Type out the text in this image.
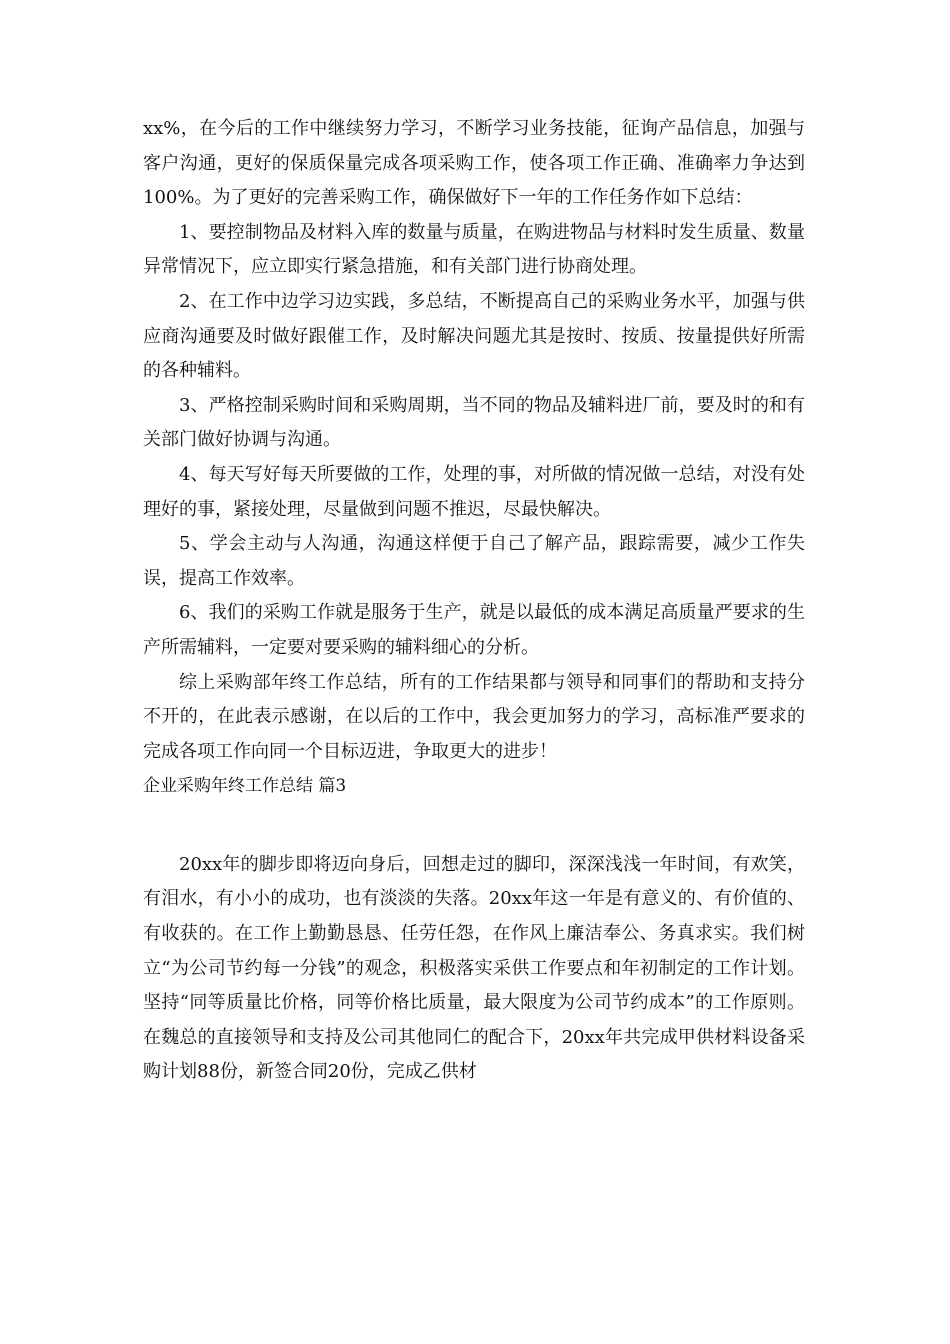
xx%，在今后的工作中继续努力学习，不断学习业务技能，征询产品信息，加强与客户沟通，更好的保质保量完成各项采购工作，使各项工作正确、准确率力争达到100%。为了更好的完善采购工作，确保做好下一年的工作任务作如下总结：

1、要控制物品及材料入库的数量与质量，在购进物品与材料时发生质量、数量异常情况下，应立即实行紧急措施，和有关部门进行协商处理。

2、在工作中边学习边实践，多总结，不断提高自己的采购业务水平，加强与供应商沟通要及时做好跟催工作，及时解决问题尤其是按时、按质、按量提供好所需的各种辅料。

3、严格控制采购时间和采购周期，当不同的物品及辅料进厂前，要及时的和有关部门做好协调与沟通。

4、每天写好每天所要做的工作，处理的事，对所做的情况做一总结，对没有处理好的事，紧接处理，尽量做到问题不推迟，尽最快解决。

5、学会主动与人沟通，沟通这样便于自己了解产品，跟踪需要，减少工作失误，提高工作效率。

6、我们的采购工作就是服务于生产，就是以最低的成本满足高质量严要求的生产所需辅料，一定要对要采购的辅料细心的分析。

综上采购部年终工作总结，所有的工作结果都与领导和同事们的帮助和支持分不开的，在此表示感谢，在以后的工作中，我会更加努力的学习，高标准严要求的完成各项工作向同一个目标迈进，争取更大的进步！

企业采购年终工作总结 篇3

20xx年的脚步即将迈向身后，回想走过的脚印，深深浅浅一年时间，有欢笑，有泪水，有小小的成功，也有淡淡的失落。20xx年这一年是有意义的、有价值的、有收获的。在工作上勤勤恳恳、任劳任怨，在作风上廉洁奉公、务真求实。我们树立“为公司节约每一分钱”的观念，积极落实采供工作要点和年初制定的工作计划。坚持“同等质量比价格，同等价格比质量，最大限度为公司节约成本”的工作原则。在魏总的直接领导和支持及公司其他同仁的配合下，20xx年共完成甲供材料设备采购计划88份，新签合同20份，完成乙供材
